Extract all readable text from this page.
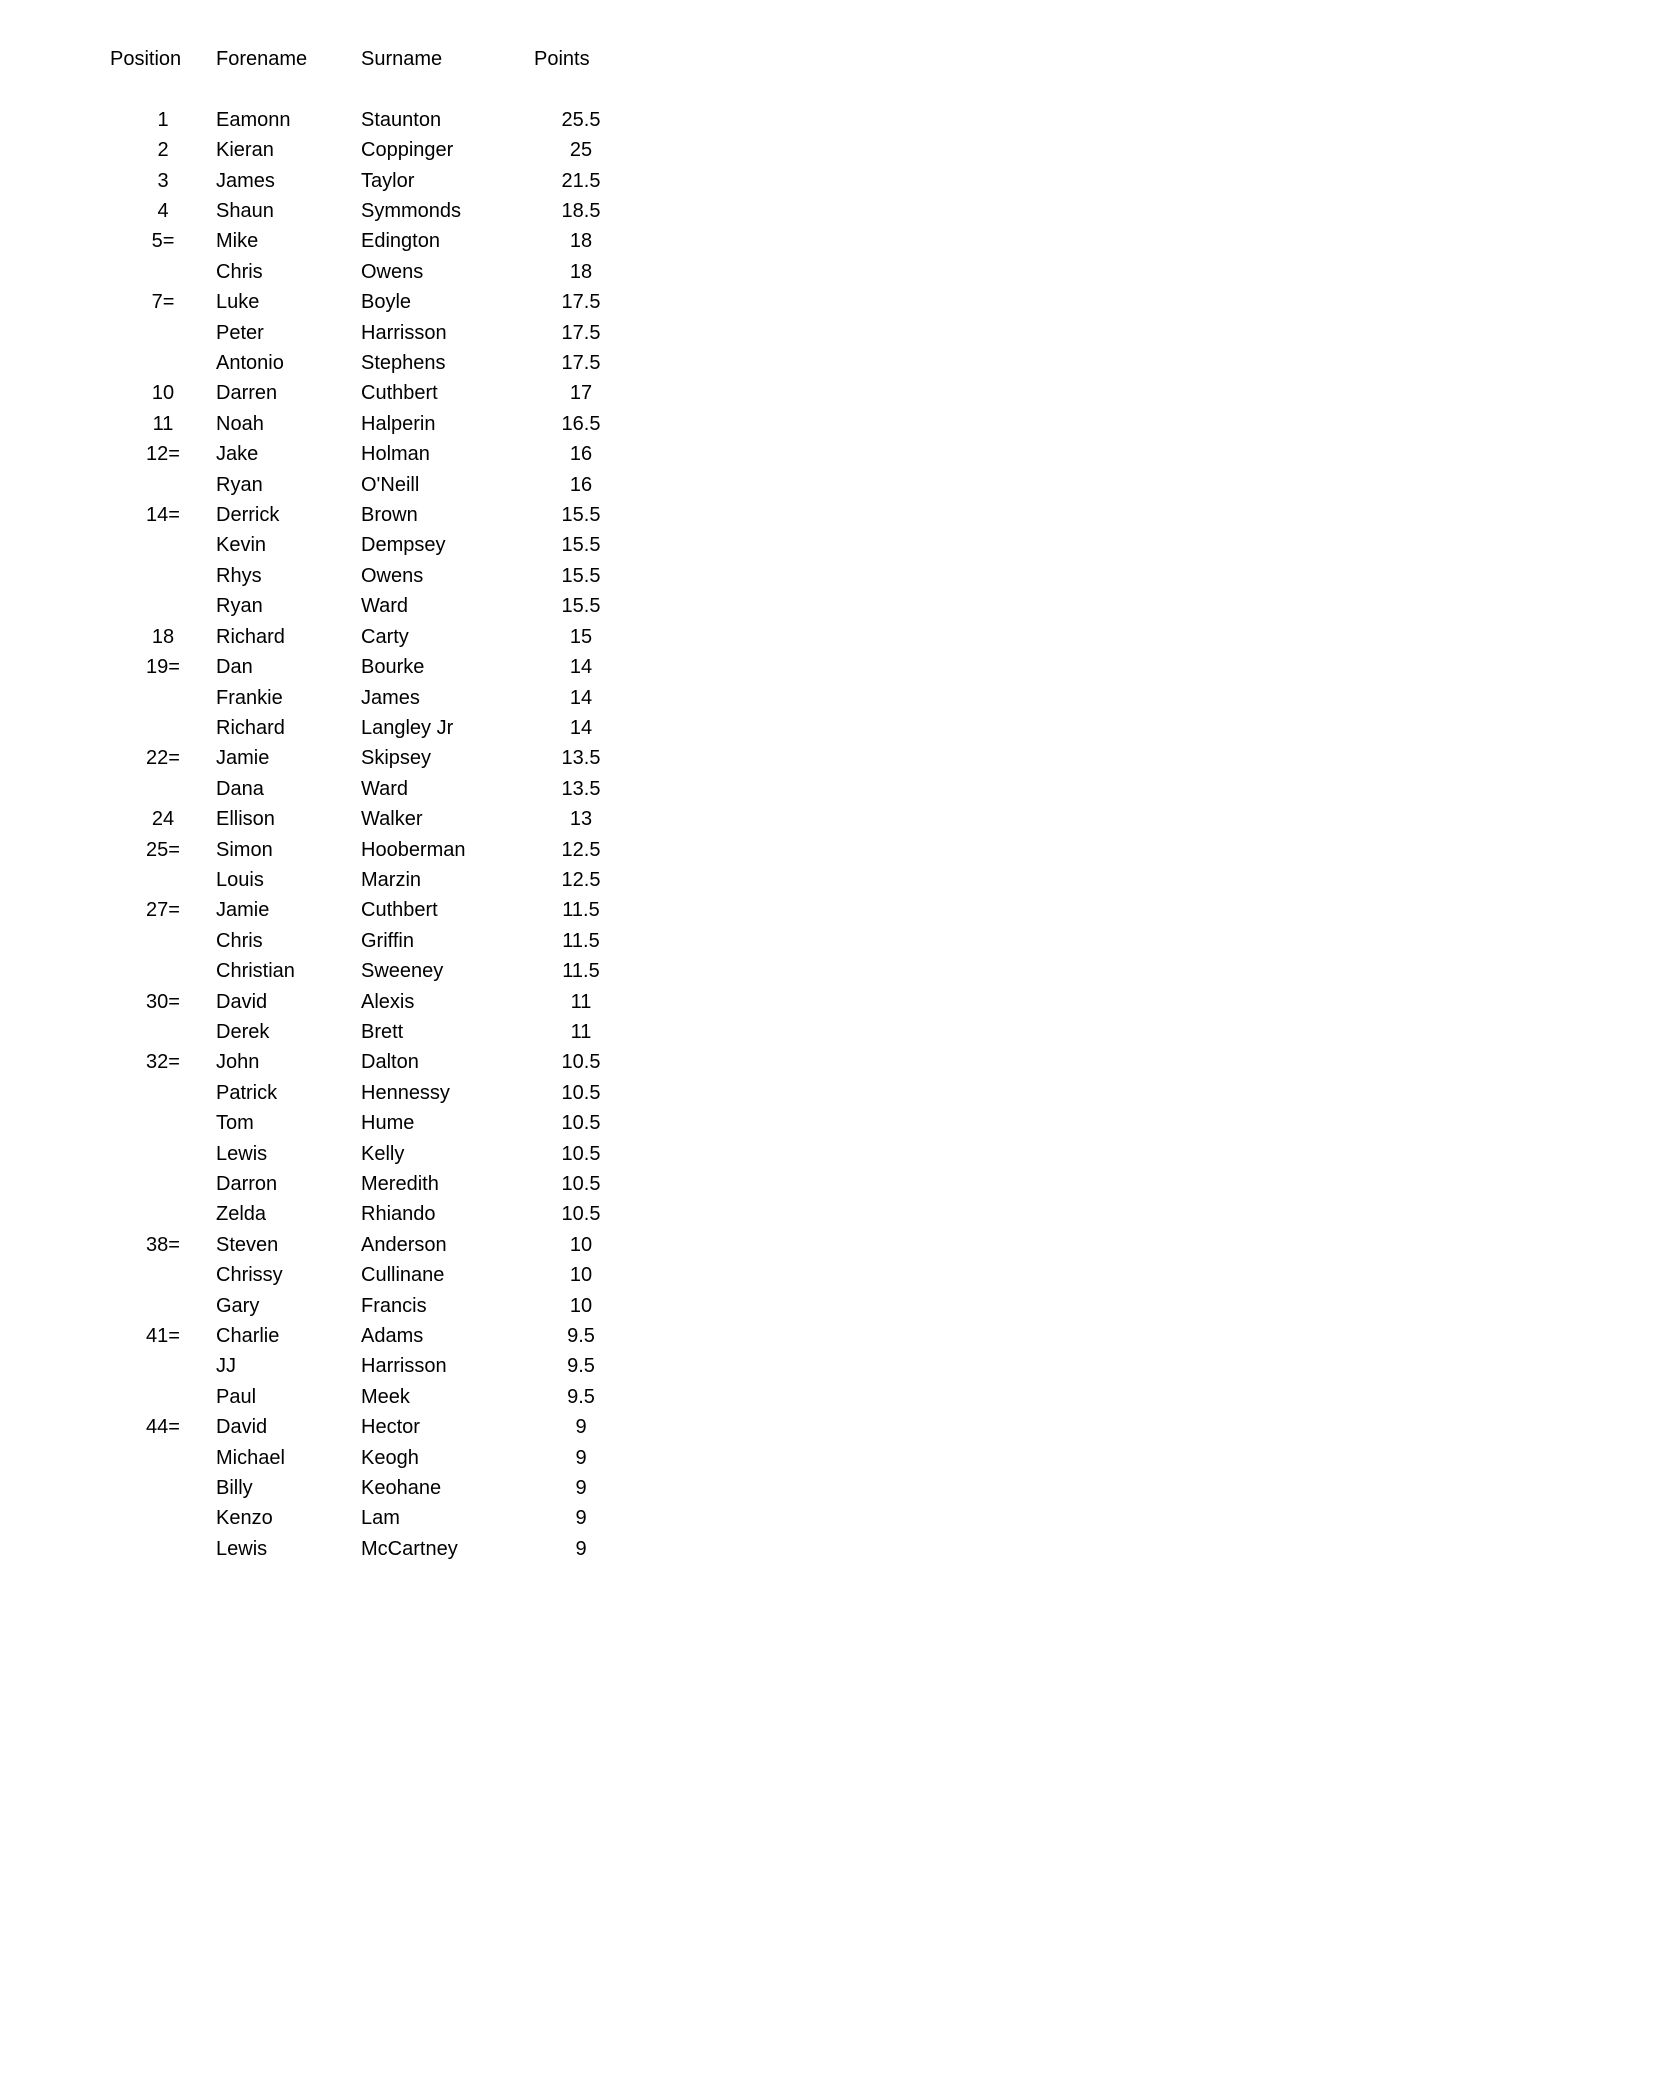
Position	Forename	Surname	Points
1	Eamonn	Staunton	25.5
2	Kieran	Coppinger	25
3	James	Taylor	21.5
4	Shaun	Symmonds	18.5
5=	Mike	Edington	18
	Chris	Owens	18
7=	Luke	Boyle	17.5
	Peter	Harrisson	17.5
	Antonio	Stephens	17.5
10	Darren	Cuthbert	17
11	Noah	Halperin	16.5
12=	Jake	Holman	16
	Ryan	O'Neill	16
14=	Derrick	Brown	15.5
	Kevin	Dempsey	15.5
	Rhys	Owens	15.5
	Ryan	Ward	15.5
18	Richard	Carty	15
19=	Dan	Bourke	14
	Frankie	James	14
	Richard	Langley Jr	14
22=	Jamie	Skipsey	13.5
	Dana	Ward	13.5
24	Ellison	Walker	13
25=	Simon	Hooberman	12.5
	Louis	Marzin	12.5
27=	Jamie	Cuthbert	11.5
	Chris	Griffin	11.5
	Christian	Sweeney	11.5
30=	David	Alexis	11
	Derek	Brett	11
32=	John	Dalton	10.5
	Patrick	Hennessy	10.5
	Tom	Hume	10.5
	Lewis	Kelly	10.5
	Darron	Meredith	10.5
	Zelda	Rhiando	10.5
38=	Steven	Anderson	10
	Chrissy	Cullinane	10
	Gary	Francis	10
41=	Charlie	Adams	9.5
	JJ	Harrisson	9.5
	Paul	Meek	9.5
44=	David	Hector	9
	Michael	Keogh	9
	Billy	Keohane	9
	Kenzo	Lam	9
	Lewis	McCartney	9
